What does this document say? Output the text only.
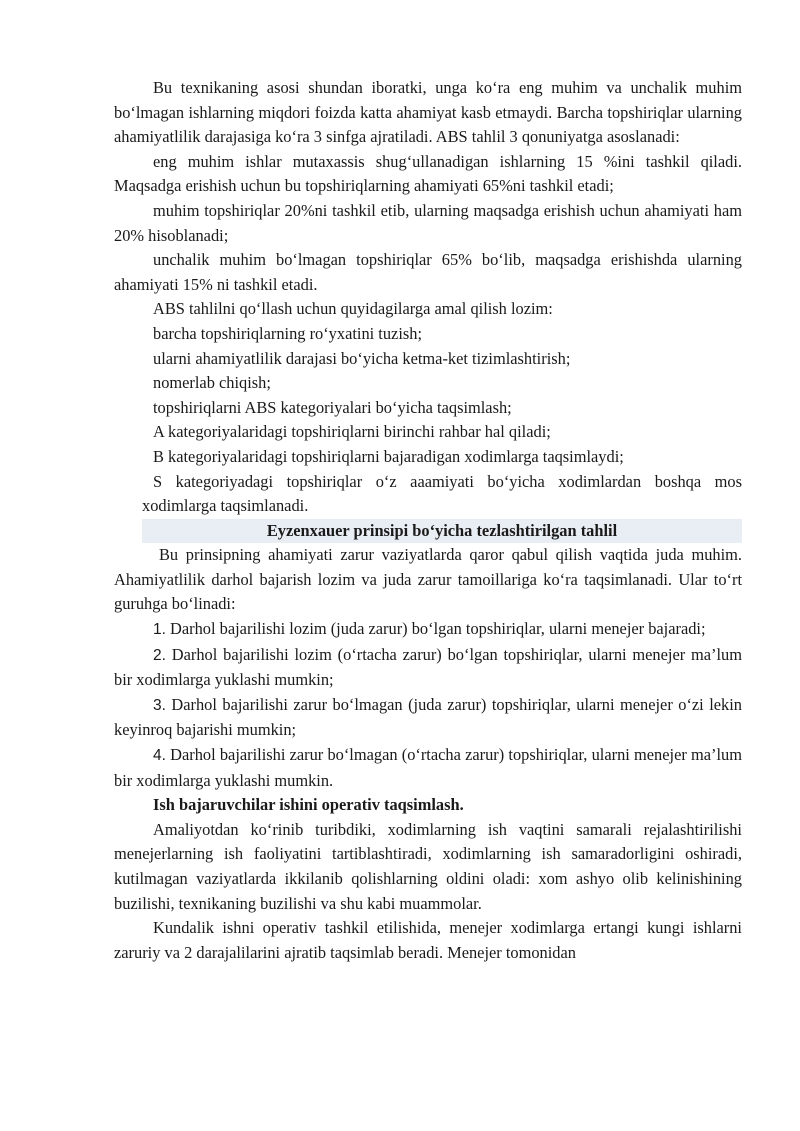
Bu texnikaning asosi shundan iboratki, unga ko‘ra eng muhim va unchalik muhim bo‘lmagan ishlarning miqdori foizda katta ahamiyat kasb etmaydi. Barcha topshiriqlar ularning ahamiyatlilik darajasiga ko‘ra 3 sinfga ajratiladi. ABS tahlil 3 qonuniyatga asoslanadi:

eng muhim ishlar mutaxassis shug‘ullanadigan ishlarning 15 %ini tashkil qiladi. Maqsadga erishish uchun bu topshiriqlarning ahamiyati 65%ni tashkil etadi;

muhim topshiriqlar 20%ni tashkil etib, ularning maqsadga erishish uchun ahamiyati ham 20% hisoblanadi;

unchalik muhim bo‘lmagan topshiriqlar 65% bo‘lib, maqsadga erishishda ularning ahamiyati 15% ni tashkil etadi.

ABS tahlilni qo‘llash uchun quyidagilarga amal qilish lozim:

barcha topshiriqlarning ro‘yxatini tuzish;

ularni ahamiyatlilik darajasi bo‘yicha ketma-ket tizimlashtirish;

nomerlab chiqish;

topshiriqlarni ABS kategoriyalari bo‘yicha taqsimlash;

A kategoriyalaridagi topshiriqlarni birinchi rahbar hal qiladi;

B kategoriyalaridagi topshiriqlarni bajaradigan xodimlarga taqsimlaydi;

S kategoriyadagi topshiriqlar o‘z aaamiyati bo‘yicha xodimlardan boshqa mos xodimlarga taqsimlanadi.

Eyzenxauer prinsipi bo‘yicha tezlashtirilgan tahlil

Bu prinsipning ahamiyati zarur vaziyatlarda qaror qabul qilish vaqtida juda muhim. Ahamiyatlilik darhol bajarish lozim va juda zarur tamoillariga ko‘ra taqsimlanadi. Ular to‘rt guruhga bo‘linadi:

1. Darhol bajarilishi lozim (juda zarur) bo‘lgan topshiriqlar, ularni menejer bajaradi;

2. Darhol bajarilishi lozim (o‘rtacha zarur) bo‘lgan topshiriqlar, ularni menejer ma’lum bir xodimlarga yuklashi mumkin;

3. Darhol bajarilishi zarur bo‘lmagan (juda zarur) topshiriqlar, ularni menejer o‘zi lekin keyinroq bajarishi mumkin;

4. Darhol bajarilishi zarur bo‘lmagan (o‘rtacha zarur) topshiriqlar, ularni menejer ma’lum bir xodimlarga yuklashi mumkin.

Ish bajaruvchilar ishini operativ taqsimlash.

Amaliyotdan ko‘rinib turibdiki, xodimlarning ish vaqtini samarali rejalashtirilishi menejerlarning ish faoliyatini tartiblashtiradi, xodimlarning ish samaradorligini oshiradi, kutilmagan vaziyatlarda ikkilanib qolishlarning oldini oladi: xom ashyo olib kelinishining buzilishi, texnikaning buzilishi va shu kabi muammolar.

Kundalik ishni operativ tashkil etilishida, menejer xodimlarga ertangi kungi ishlarni zaruriy va 2 darajalilarini ajratib taqsimlab beradi. Menejer tomonidan
